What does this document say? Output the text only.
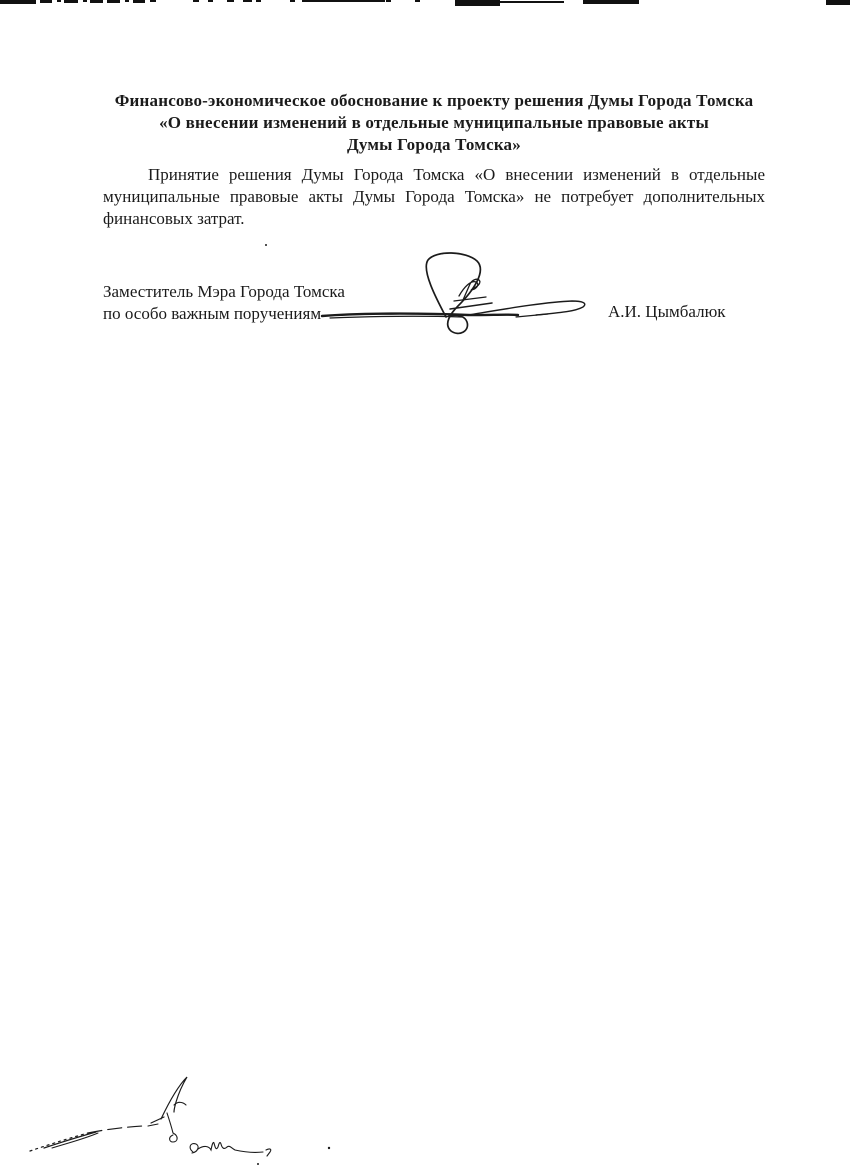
Финансово-экономическое обоснование к проекту решения Думы Города Томска
«О внесении изменений в отдельные муниципальные правовые акты
Думы Города Томска»
Принятие решения Думы Города Томска «О внесении изменений в отдельные
муниципальные правовые акты Думы Города Томска» не потребует дополнительных
финансовых затрат.
Заместитель Мэра Города Томска
по особо важным поручениям	А.И. Цымбалюк
